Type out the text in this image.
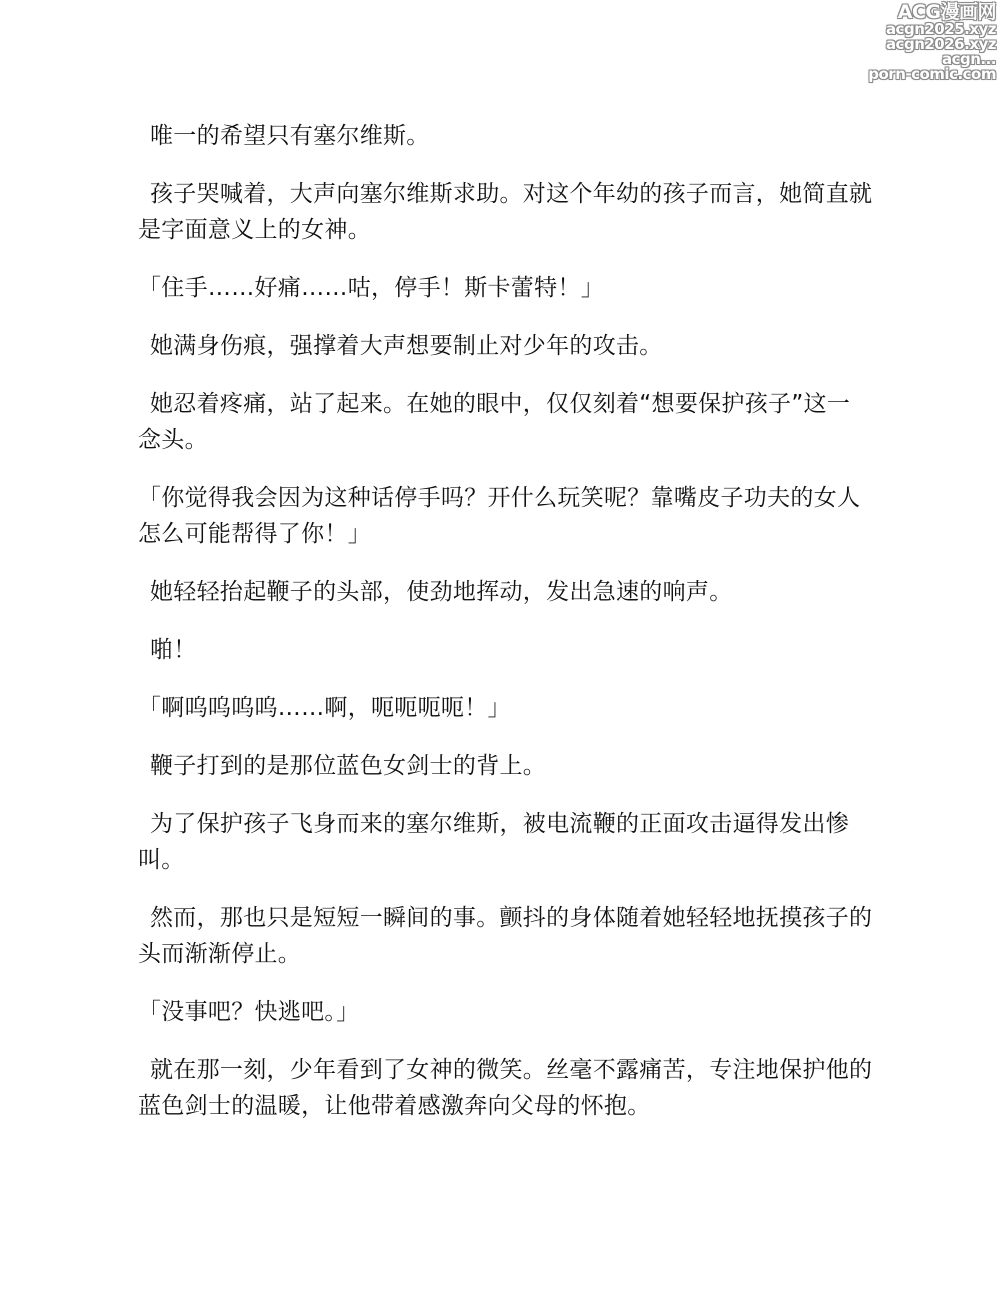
ACG漫画网
acgn2025.xyz
acgn2026.xyz
acgn...
porn-comic.com

唯一的希望只有塞尔维斯。

孩子哭喊着，大声向塞尔维斯求助。对这个年幼的孩子而言，她简直就是字面意义上的女神。

「住手……好痛……咕，停手！斯卡蕾特！」

她满身伤痕，强撑着大声想要制止对少年的攻击。

她忍着疼痛，站了起来。在她的眼中，仅仅刻着“想要保护孩子”这一念头。

「你觉得我会因为这种话停手吗？开什么玩笑呢？靠嘴皮子功夫的女人怎么可能帮得了你！」

她轻轻抬起鞭子的头部，使劲地挥动，发出急速的响声。

啪！

「啊呜呜呜呜……啊，呃呃呃呃！」

鞭子打到的是那位蓝色女剑士的背上。

为了保护孩子飞身而来的塞尔维斯，被电流鞭的正面攻击逼得发出惨叫。

然而，那也只是短短一瞬间的事。颤抖的身体随着她轻轻地抚摸孩子的头而渐渐停止。

「没事吧？快逃吧。」

就在那一刻，少年看到了女神的微笑。丝毫不露痛苦，专注地保护他的蓝色剑士的温暖，让他带着感激奔向父母的怀抱。
